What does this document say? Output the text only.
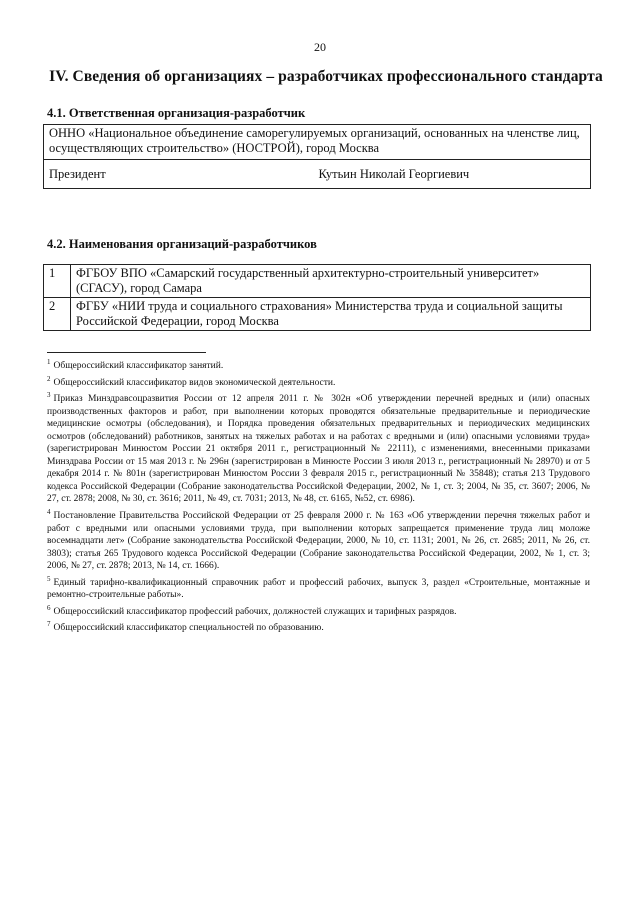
20
IV. Сведения об организациях – разработчиках профессионального стандарта
4.1. Ответственная организация-разработчик
ОННО «Национальное объединение саморегулируемых организаций, основанных на членстве лиц, осуществляющих строительство» (НОСТРОЙ), город Москва
Президент	Кутьин Николай Георгиевич
4.2. Наименования организаций-разработчиков
1	ФГБОУ ВПО «Самарский государственный архитектурно-строительный университет» (СГАСУ), город Самара
2	ФГБУ «НИИ труда и социального страхования» Министерства труда и социальной защиты Российской Федерации, город Москва

$^1$ Общероссийский классификатор занятий.

$^2$ Общероссийский классификатор видов экономической деятельности.

$^3$ Приказ Минздравсоцразвития России от 12 апреля 2011 г. № 302н «Об утверждении перечней вредных и (или) опасных производственных факторов и работ, при выполнении которых проводятся обязательные предварительные и периодические медицинские осмотры (обследования), и Порядка проведения обязательных предварительных и периодических медицинских осмотров (обследований) работников, занятых на тяжелых работах и на работах с вредными и (или) опасными условиями труда» (зарегистрирован Минюстом России 21 октября 2011 г., регистрационный № 22111), с изменениями, внесенными приказами Минздрава России от 15 мая 2013 г. № 296н (зарегистрирован в Минюсте России 3 июля 2013 г., регистрационный № 28970) и от 5 декабря 2014 г. № 801н (зарегистрирован Минюстом России 3 февраля 2015 г., регистрационный № 35848); статья 213 Трудового кодекса Российской Федерации (Собрание законодательства Российской Федерации, 2002, № 1, ст. 3; 2004, № 35, ст. 3607; 2006, № 27, ст. 2878; 2008, № 30, ст. 3616; 2011, № 49, ст. 7031; 2013, № 48, ст. 6165, №52, ст. 6986).

$^4$ Постановление Правительства Российской Федерации от 25 февраля 2000 г. № 163 «Об утверждении перечня тяжелых работ и работ с вредными или опасными условиями труда, при выполнении которых запрещается применение труда лиц моложе восемнадцати лет» (Собрание законодательства Российской Федерации, 2000, № 10, ст. 1131; 2001, № 26, ст. 2685; 2011, № 26, ст. 3803); статья 265 Трудового кодекса Российской Федерации (Собрание законодательства Российской Федерации, 2002, № 1, ст. 3; 2006, № 27, ст. 2878; 2013, № 14, ст. 1666).

$^5$ Единый тарифно-квалификационный справочник работ и профессий рабочих, выпуск 3, раздел «Строительные, монтажные и ремонтно-строительные работы».

$^6$ Общероссийский классификатор профессий рабочих, должностей служащих и тарифных разрядов.

$^7$ Общероссийский классификатор специальностей по образованию.
